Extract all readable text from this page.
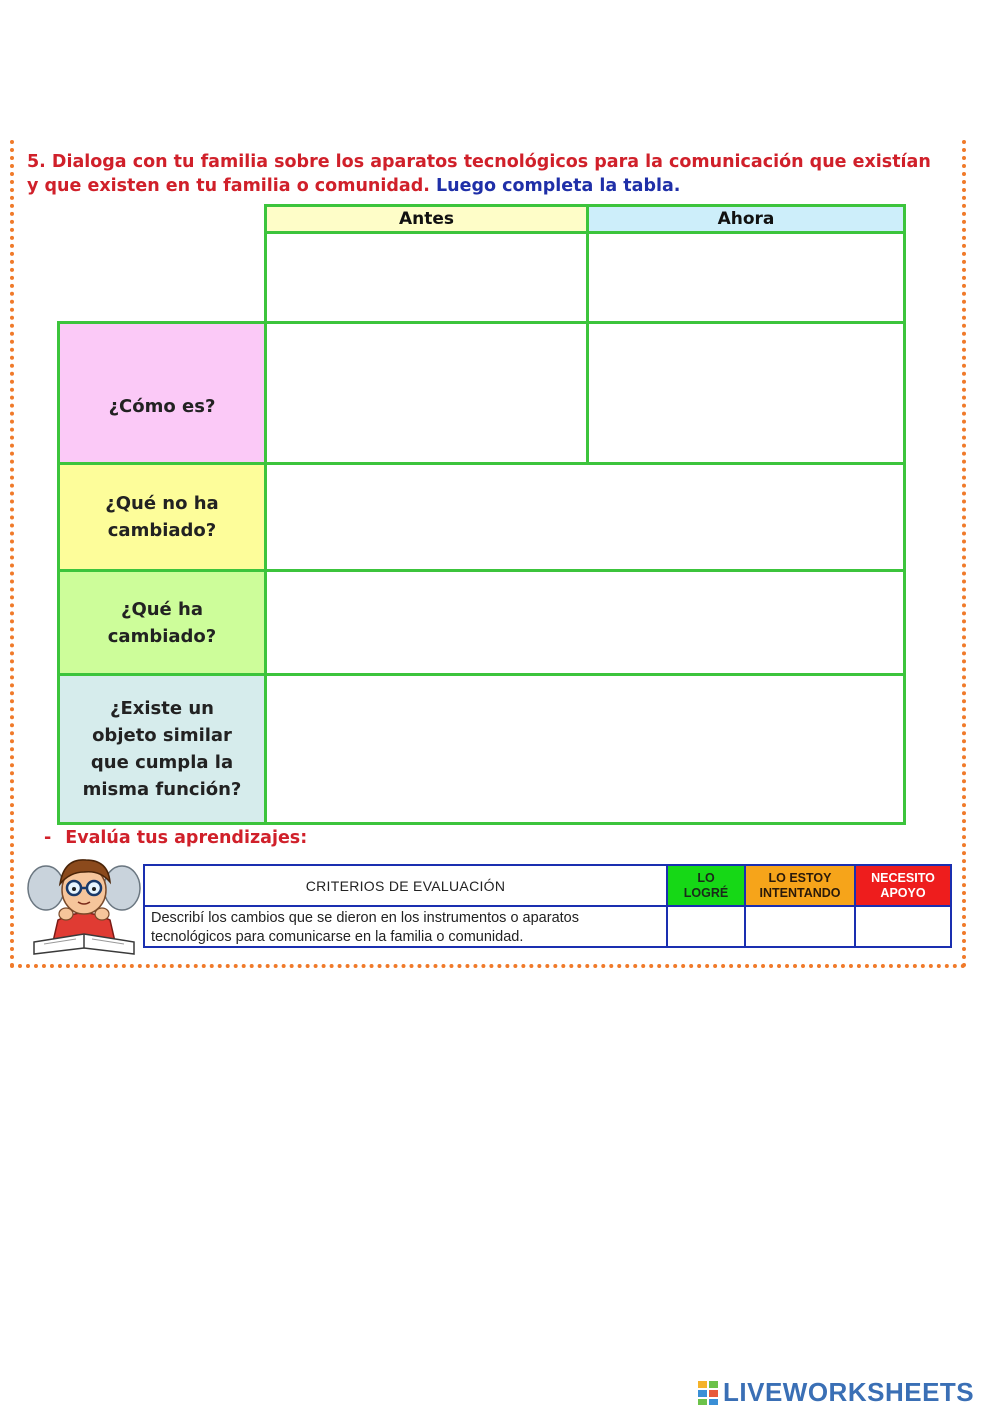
5. Dialoga con tu familia sobre los aparatos tecnológicos para la comunicación que existían y que existen en tu familia o comunidad. Luego completa la tabla.
Antes	Ahora
¿Cómo es?
¿Qué no ha cambiado?
¿Qué ha cambiado?
¿Existe un objeto similar que cumpla la misma función?
- Evalúa tus aprendizajes:
CRITERIOS DE EVALUACIÓN	LO LOGRÉ
LO ESTOY INTENTANDO
NECESITO APOYO
Describí los cambios que se dieron en los instrumentos o aparatos tecnológicos para comunicarse en la familia o comunidad.
LIVEWORKSHEETS
